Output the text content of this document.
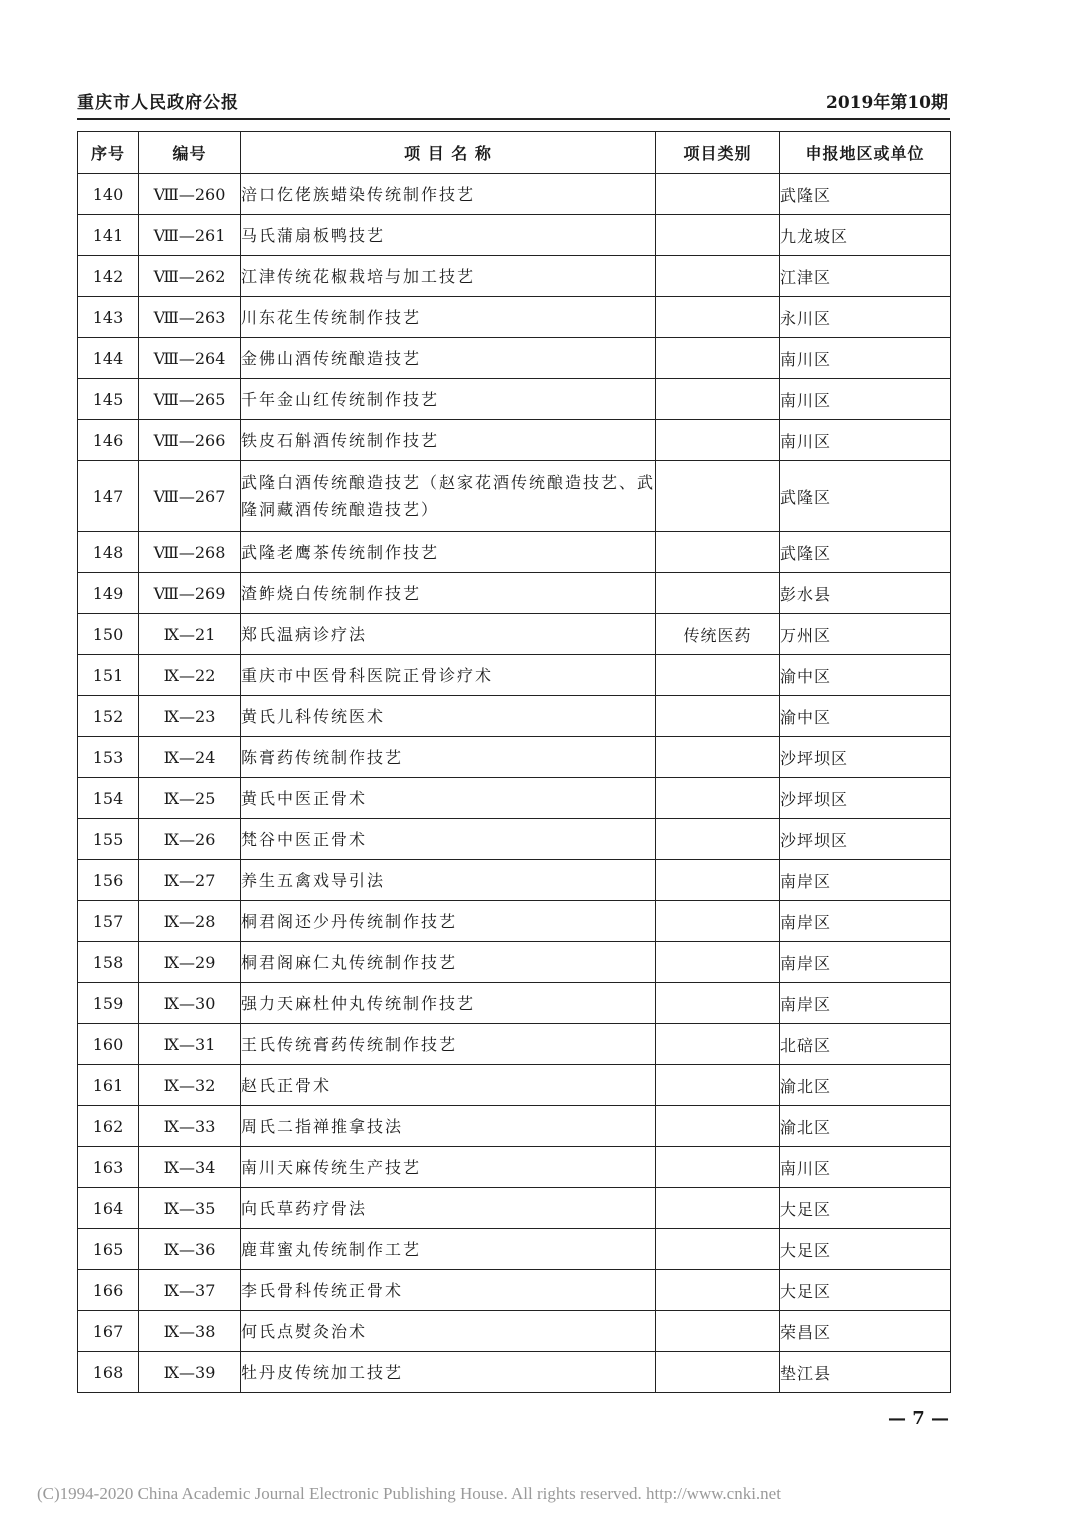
重庆市人民政府公报	2019年第10期
序号	编号	项 目 名 称	项目类别	申报地区或单位
140	Ⅷ—260	涪口仡佬族蜡染传统制作技艺		武隆区
141	Ⅷ—261	马氏蒲扇板鸭技艺		九龙坡区
142	Ⅷ—262	江津传统花椒栽培与加工技艺		江津区
143	Ⅷ—263	川东花生传统制作技艺		永川区
144	Ⅷ—264	金佛山酒传统酿造技艺		南川区
145	Ⅷ—265	千年金山红传统制作技艺		南川区
146	Ⅷ—266	铁皮石斛酒传统制作技艺		南川区
147	Ⅷ—267	武隆白酒传统酿造技艺（赵家花酒传统酿造技艺、武隆洞藏酒传统酿造技艺）		武隆区
148	Ⅷ—268	武隆老鹰茶传统制作技艺		武隆区
149	Ⅷ—269	渣鲊烧白传统制作技艺		彭水县
150	Ⅸ—21	郑氏温病诊疗法	传统医药	万州区
151	Ⅸ—22	重庆市中医骨科医院正骨诊疗术		渝中区
152	Ⅸ—23	黄氏儿科传统医术		渝中区
153	Ⅸ—24	陈膏药传统制作技艺		沙坪坝区
154	Ⅸ—25	黄氏中医正骨术		沙坪坝区
155	Ⅸ—26	梵谷中医正骨术		沙坪坝区
156	Ⅸ—27	养生五禽戏导引法		南岸区
157	Ⅸ—28	桐君阁还少丹传统制作技艺		南岸区
158	Ⅸ—29	桐君阁麻仁丸传统制作技艺		南岸区
159	Ⅸ—30	强力天麻杜仲丸传统制作技艺		南岸区
160	Ⅸ—31	王氏传统膏药传统制作技艺		北碚区
161	Ⅸ—32	赵氏正骨术		渝北区
162	Ⅸ—33	周氏二指禅推拿技法		渝北区
163	Ⅸ—34	南川天麻传统生产技艺		南川区
164	Ⅸ—35	向氏草药疗骨法		大足区
165	Ⅸ—36	鹿茸蜜丸传统制作工艺		大足区
166	Ⅸ—37	李氏骨科传统正骨术		大足区
167	Ⅸ—38	何氏点熨灸治术		荣昌区
168	Ⅸ—39	牡丹皮传统加工技艺		垫江县
— 7 —
(C)1994-2020 China Academic Journal Electronic Publishing House. All rights reserved. http://www.cnki.net
